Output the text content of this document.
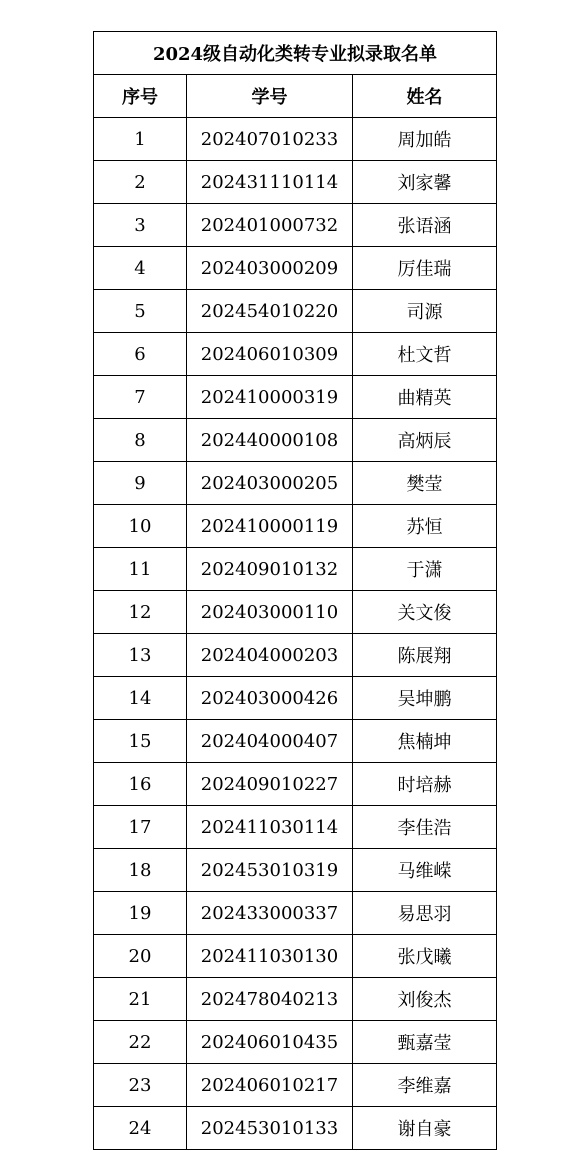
2024级自动化类转专业拟录取名单		
序号	学号	姓名
1	202407010233	周加皓
2	202431110114	刘家馨
3	202401000732	张语涵
4	202403000209	厉佳瑞
5	202454010220	司源
6	202406010309	杜文哲
7	202410000319	曲精英
8	202440000108	高炳辰
9	202403000205	樊莹
10	202410000119	苏恒
11	202409010132	于潇
12	202403000110	关文俊
13	202404000203	陈展翔
14	202403000426	吴坤鹏
15	202404000407	焦楠坤
16	202409010227	时培赫
17	202411030114	李佳浩
18	202453010319	马维嵘
19	202433000337	易思羽
20	202411030130	张戊曦
21	202478040213	刘俊杰
22	202406010435	甄嘉莹
23	202406010217	李维嘉
24	202453010133	谢自豪
